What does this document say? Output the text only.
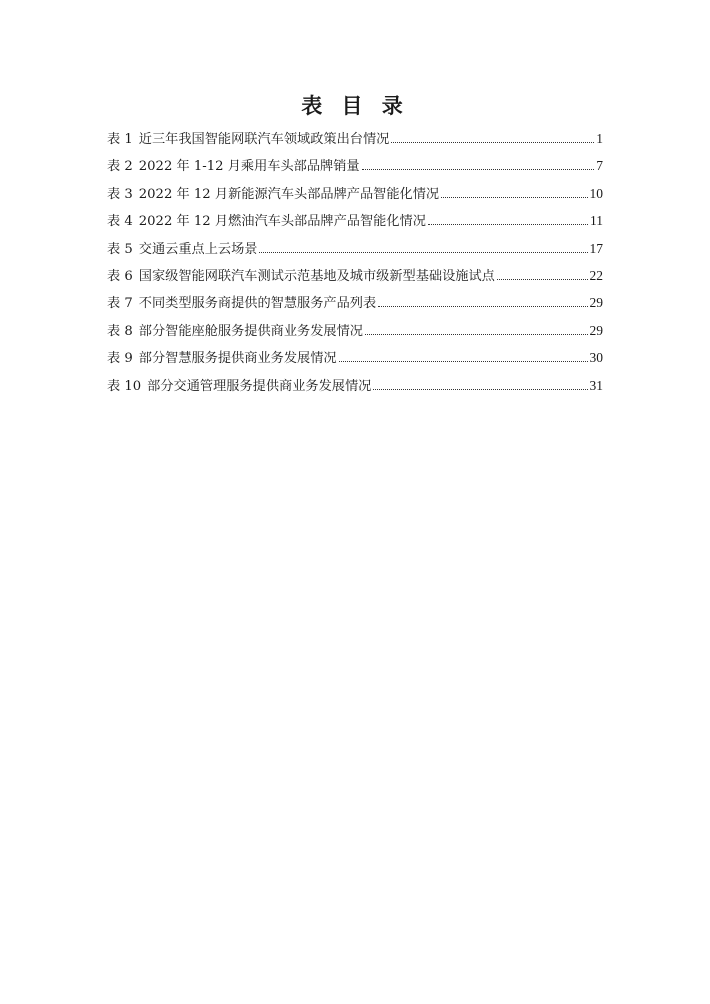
表 目 录
表 1 近三年我国智能网联汽车领域政策出台情况	1
表 2 2022 年 1-12 月乘用车头部品牌销量	7
表 3 2022 年 12 月新能源汽车头部品牌产品智能化情况	10
表 4 2022 年 12 月燃油汽车头部品牌产品智能化情况	11
表 5 交通云重点上云场景	17
表 6 国家级智能网联汽车测试示范基地及城市级新型基础设施试点	22
表 7 不同类型服务商提供的智慧服务产品列表	29
表 8 部分智能座舱服务提供商业务发展情况	29
表 9 部分智慧服务提供商业务发展情况	30
表 10 部分交通管理服务提供商业务发展情况	31
